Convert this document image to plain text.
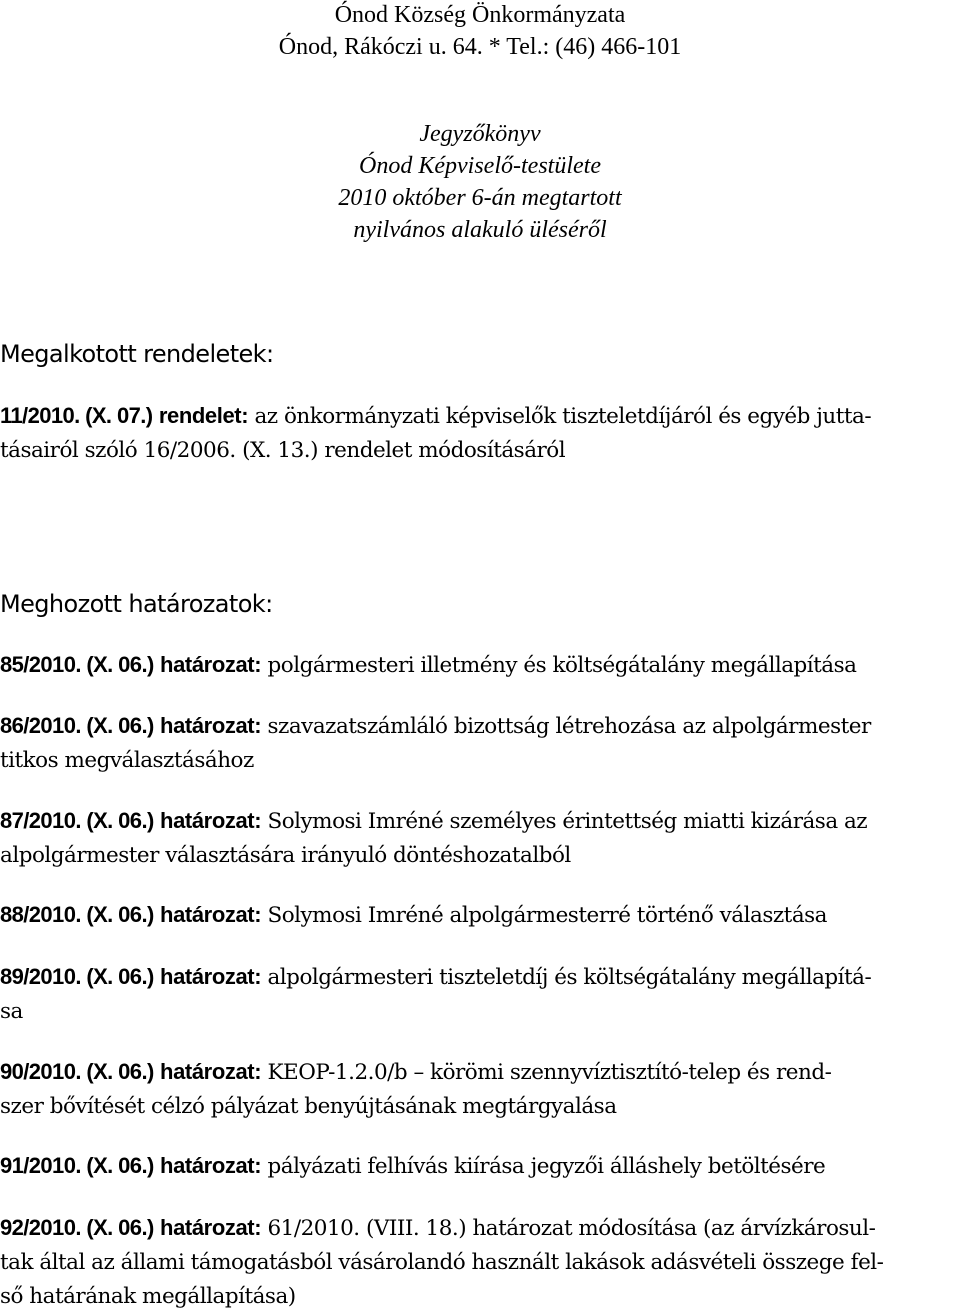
Ónod Község Önkormányzata
Ónod, Rákóczi u. 64. * Tel.: (46) 466-101
Jegyzőkönyv
Ónod Képviselő-testülete
2010 október 6-án megtartott
nyilvános alakuló üléséről
Megalkotott rendeletek:
11/2010. (X. 07.) rendelet: az önkormányzati képviselők tiszteletdíjáról és egyéb jutta-
tásairól szóló 16/2006. (X. 13.) rendelet módosításáról
Meghozott határozatok:
85/2010. (X. 06.) határozat: polgármesteri illetmény és költségátalány megállapítása
86/2010. (X. 06.) határozat: szavazatszámláló bizottság létrehozása az alpolgármester
titkos megválasztásához
87/2010. (X. 06.) határozat: Solymosi Imréné személyes érintettség miatti kizárása az
alpolgármester választására irányuló döntéshozatalból
88/2010. (X. 06.) határozat: Solymosi Imréné alpolgármesterré történő választása
89/2010. (X. 06.) határozat: alpolgármesteri tiszteletdíj és költségátalány megállapítá-
sa
90/2010. (X. 06.) határozat: KEOP-1.2.0/b – körömi szennyvíztisztító-telep és rend-
szer bővítését célzó pályázat benyújtásának megtárgyalása
91/2010. (X. 06.) határozat: pályázati felhívás kiírása jegyzői álláshely betöltésére
92/2010. (X. 06.) határozat: 61/2010. (VIII. 18.) határozat módosítása (az árvízkárosul-
tak által az állami támogatásból vásárolandó használt lakások adásvételi összege fel-
ső határának megállapítása)
